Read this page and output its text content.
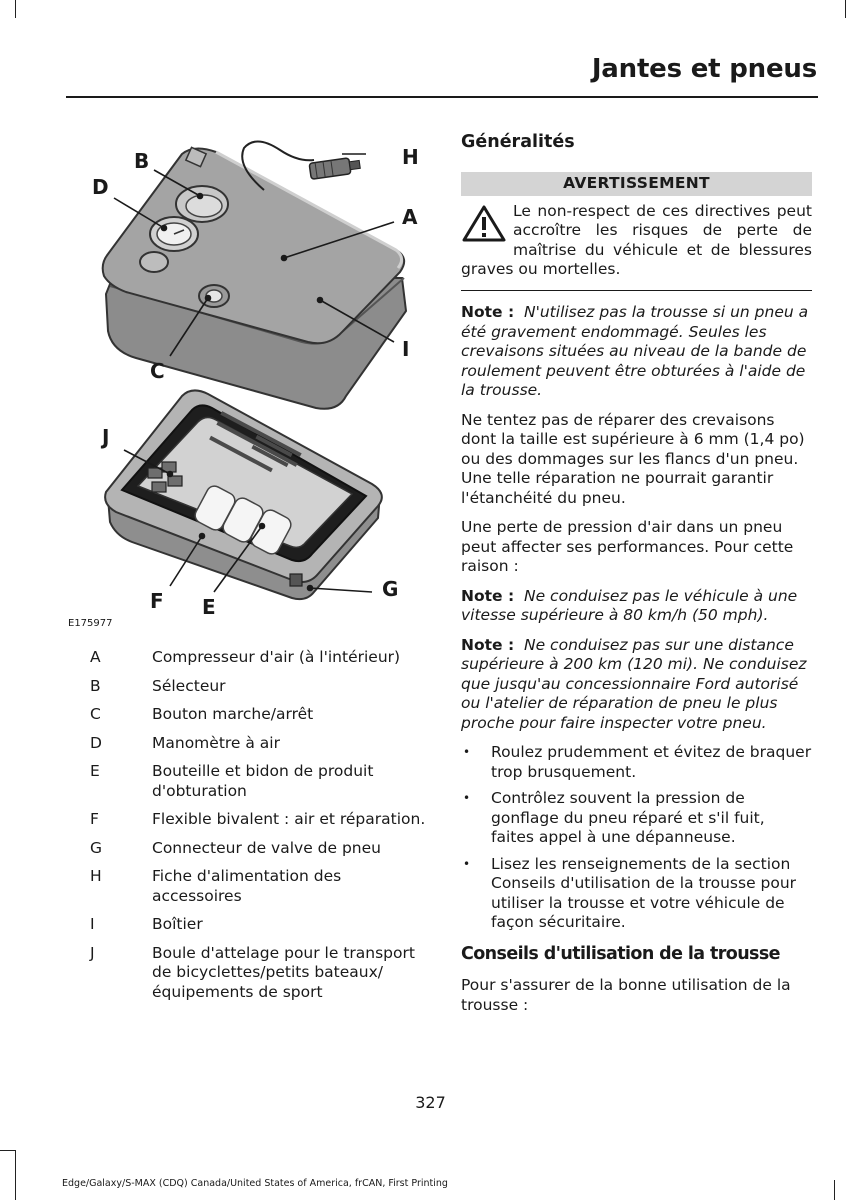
Jantes et pneus
B
D
H
A
I
C
J
F E
G
E175977
A	Compresseur d'air (à l'intérieur)
B	Sélecteur
C	Bouton marche/arrêt
D	Manomètre à air
E	Bouteille et bidon de produit d'obturation
F	Flexible bivalent : air et réparation.
G	Connecteur de valve de pneu
H	Fiche d'alimentation des accessoires
I	Boîtier
J	Boule d'attelage pour le transport de bicyclettes/petits bateaux/équipements de sport
Généralités
AVERTISSEMENT
Le non-respect de ces directives peut accroître les risques de perte de maîtrise du véhicule et de blessures graves ou mortelles.

Note : N'utilisez pas la trousse si un pneu a été gravement endommagé. Seules les crevaisons situées au niveau de la bande de roulement peuvent être obturées à l'aide de la trousse.

Ne tentez pas de réparer des crevaisons dont la taille est supérieure à 6 mm (1,4 po) ou des dommages sur les flancs d'un pneu. Une telle réparation ne pourrait garantir l'étanchéité du pneu.

Une perte de pression d'air dans un pneu peut affecter ses performances. Pour cette raison :

Note : Ne conduisez pas le véhicule à une vitesse supérieure à 80 km/h (50 mph).

Note : Ne conduisez pas sur une distance supérieure à 200 km (120 mi). Ne conduisez que jusqu'au concessionnaire Ford autorisé ou l'atelier de réparation de pneu le plus proche pour faire inspecter votre pneu.

• Roulez prudemment et évitez de braquer trop brusquement.
• Contrôlez souvent la pression de gonflage du pneu réparé et s'il fuit, faites appel à une dépanneuse.
• Lisez les renseignements de la section Conseils d'utilisation de la trousse pour utiliser la trousse et votre véhicule de façon sécuritaire.
Conseils d'utilisation de la trousse

Pour s'assurer de la bonne utilisation de la trousse :

327
Edge/Galaxy/S-MAX (CDQ) Canada/United States of America, frCAN, First Printing
